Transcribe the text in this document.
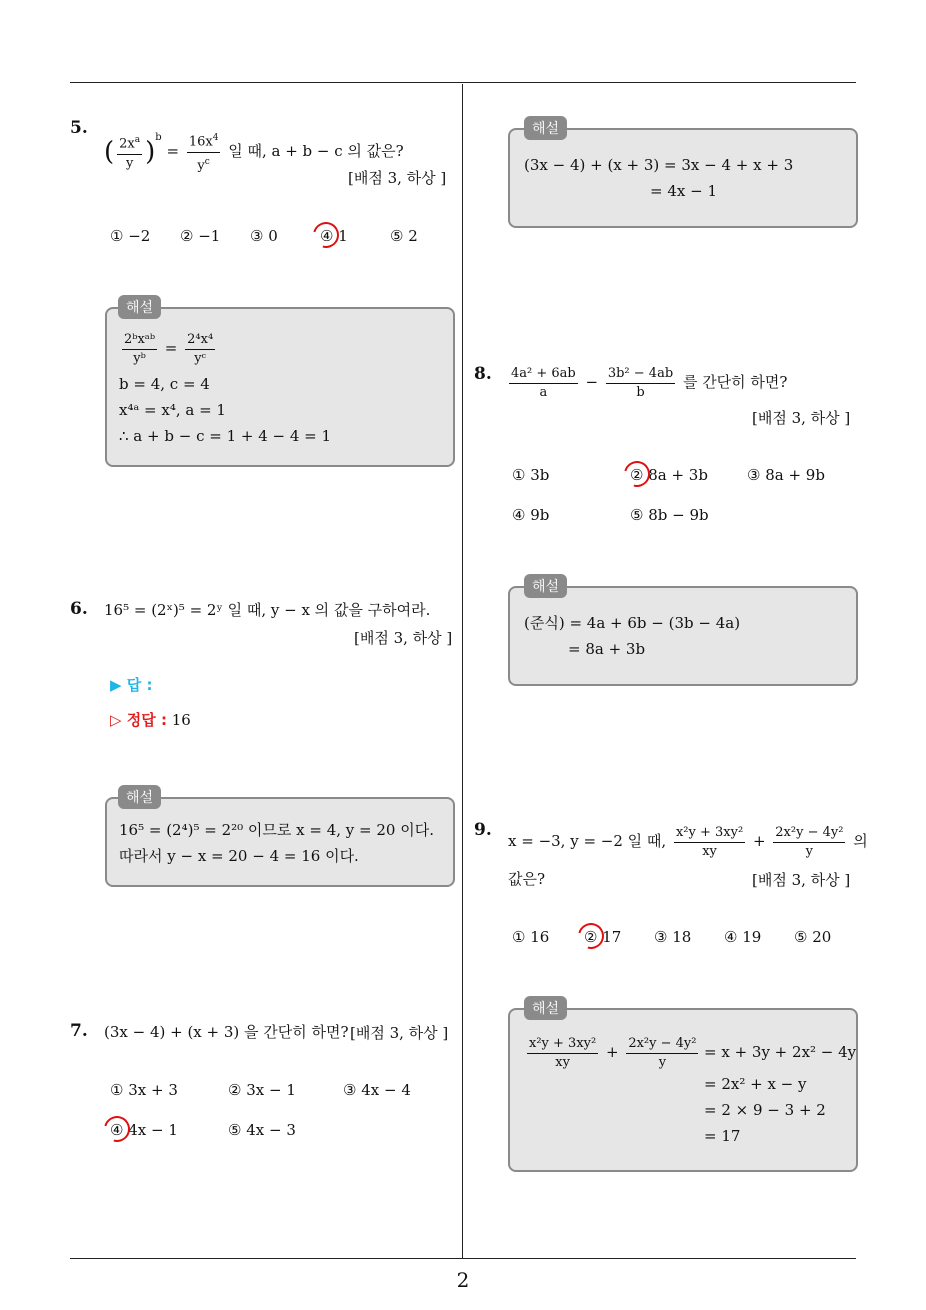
2
5.
( $\frac{2x^a}{y} )^b = \frac{16x^4}{y^c}$ 일 때, a + b − c 의 값은?
[배점 3, 하상 ]
① −2 ② −1 ③ 0	④ 1	⑤ 2
$\frac{\text{2ᵇxᵃᵇ}}{\text{yᵇ}} = \frac{\text{2⁴x⁴}}{\text{yᶜ}}$
b = 4, c = 4
x⁴ᵃ = x⁴, a = 1
∴ a + b − c = 1 + 4 − 4 = 1
해설
6. 16⁵ = (2ˣ)⁵ = 2ʸ 일 때, y − x 의 값을 구하여라.
[배점 3, 하상 ]
▶ 답 :
▷ 정답 : 16
16⁵ = (2⁴)⁵ = 2²⁰ 이므로 x = 4, y = 20 이다.
따라서 y − x = 20 − 4 = 16 이다.
해설
7. (3x − 4) + (x + 3) 을 간단히 하면? [배점 3, 하상 ]
① 3x + 3	② 3x − 1	③ 4x − 4
④ 4x − 1	⑤ 4x − 3
(3x − 4) + (x + 3) = 3x − 4 + x + 3
= 4x − 1
해설
8. $\frac{\text{4a² + 6ab}}{a} - \frac{\text{3b² − 4ab}}{b}$ 를 간단히 하면?
[배점 3, 하상 ]
① 3b	② 8a + 3b	③ 8a + 9b
④ 9b	⑤ 8b − 9b
(준식) = 4a + 6b − (3b − 4a)
= 8a + 3b
해설
9.
x = −3, y = −2 일 때, $\frac{\text{x²y + 3xy²}}{xy} + \frac{\text{2x²y − 4y²}}{y}$ 의
값은?	[배점 3, 하상 ]
① 16 ② 17 ③ 18 ④ 19 ⑤ 20
$\frac{\text{x²y + 3xy²}}{xy} + \frac{\text{2x²y − 4y²}}{y} = x + 3y + 2x^2 - 4y$
= 2x² + x − y
= 2 × 9 − 3 + 2
= 17
해설
